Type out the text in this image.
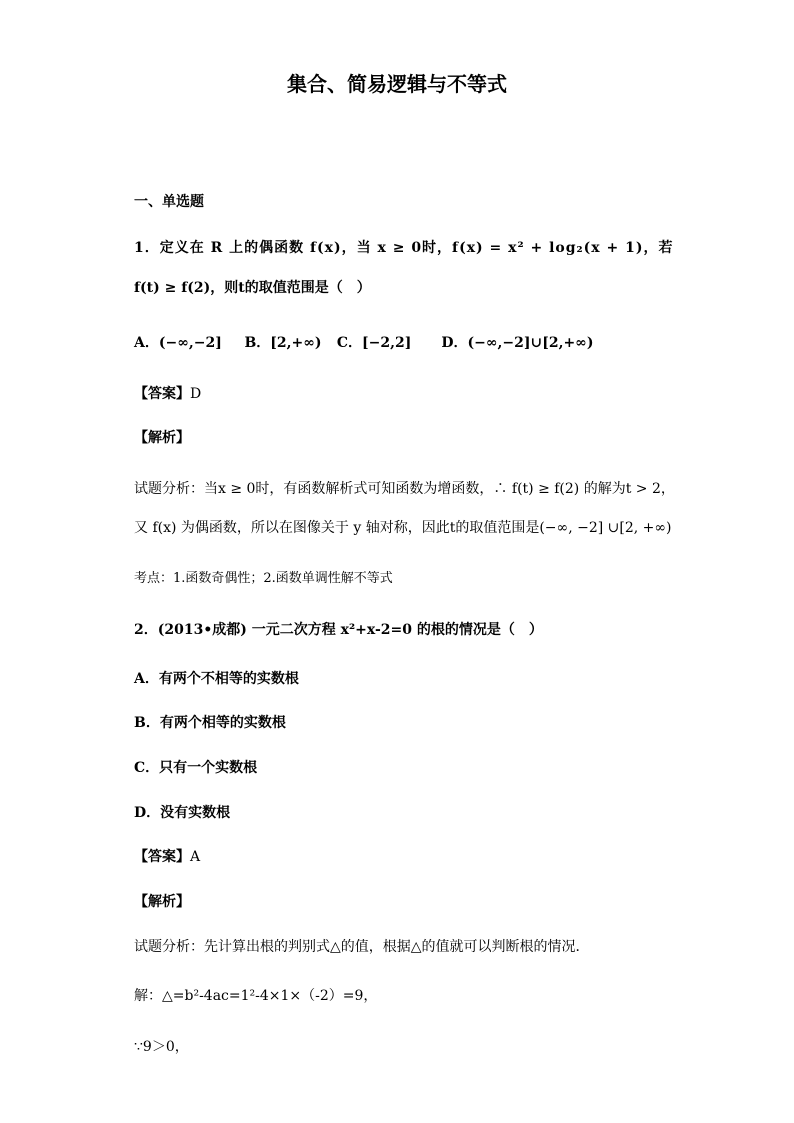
集合、简易逻辑与不等式
一、单选题
1．定义在 R 上的偶函数 f(x)，当 x ≥ 0时，f(x) = x² + log₂(x + 1)，若
f(t) ≥ f(2)，则t的取值范围是（　）
A．(−∞,−2] B．[2,+∞) C．[−2,2] D．(−∞,−2]∪[2,+∞)
【答案】D
【解析】
试题分析：当x ≥ 0时，有函数解析式可知函数为增函数，∴ f(t) ≥ f(2) 的解为t > 2，
又 f(x) 为偶函数，所以在图像关于 y 轴对称，因此t的取值范围是(−∞, −2] ∪[2, +∞)
考点：1.函数奇偶性；2.函数单调性解不等式
2．(2013•成都) 一元二次方程 x²+x-2=0 的根的情况是（　）
A．有两个不相等的实数根
B．有两个相等的实数根
C．只有一个实数根
D．没有实数根
【答案】A
【解析】
试题分析：先计算出根的判别式△的值，根据△的值就可以判断根的情况．
解：△=b²-4ac=1²-4×1×（-2）=9，
∵9＞0，
